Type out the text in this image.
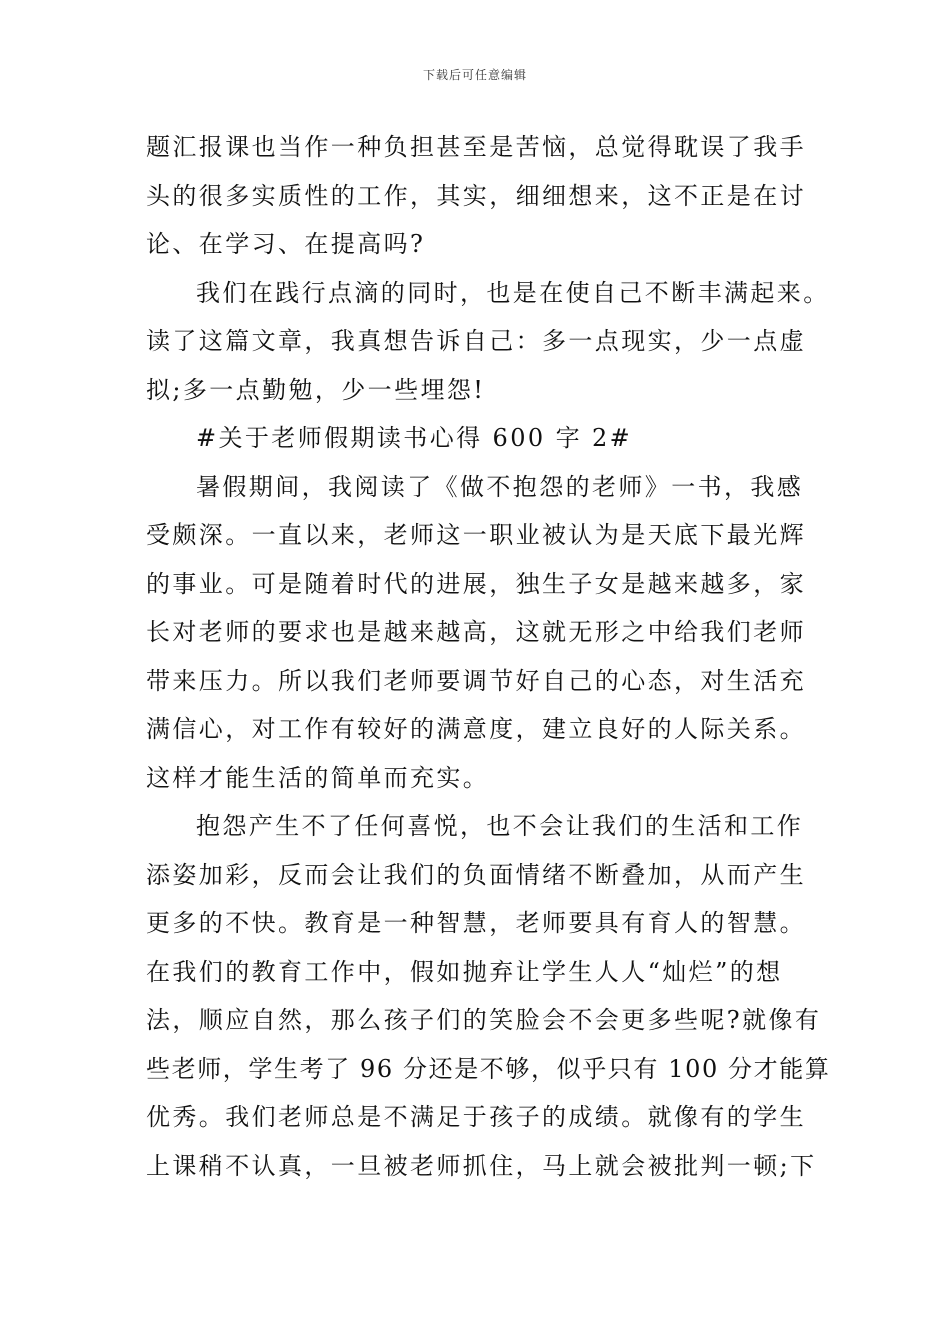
下载后可任意编辑
题汇报课也当作一种负担甚至是苦恼，总觉得耽误了我手
头的很多实质性的工作，其实，细细想来，这不正是在讨
论、在学习、在提高吗?
我们在践行点滴的同时，也是在使自己不断丰满起来。
读了这篇文章，我真想告诉自己：多一点现实，少一点虚
拟;多一点勤勉，少一些埋怨!
#关于老师假期读书心得 600 字 2#
暑假期间，我阅读了《做不抱怨的老师》一书，我感
受颇深。一直以来，老师这一职业被认为是天底下最光辉
的事业。可是随着时代的进展，独生子女是越来越多，家
长对老师的要求也是越来越高，这就无形之中给我们老师
带来压力。所以我们老师要调节好自己的心态，对生活充
满信心，对工作有较好的满意度，建立良好的人际关系。
这样才能生活的简单而充实。
抱怨产生不了任何喜悦，也不会让我们的生活和工作
添姿加彩，反而会让我们的负面情绪不断叠加，从而产生
更多的不快。教育是一种智慧，老师要具有育人的智慧。
在我们的教育工作中，假如抛弃让学生人人“灿烂”的想
法，顺应自然，那么孩子们的笑脸会不会更多些呢?就像有
些老师，学生考了 96 分还是不够，似乎只有 100 分才能算
优秀。我们老师总是不满足于孩子的成绩。就像有的学生
上课稍不认真，一旦被老师抓住，马上就会被批判一顿;下
